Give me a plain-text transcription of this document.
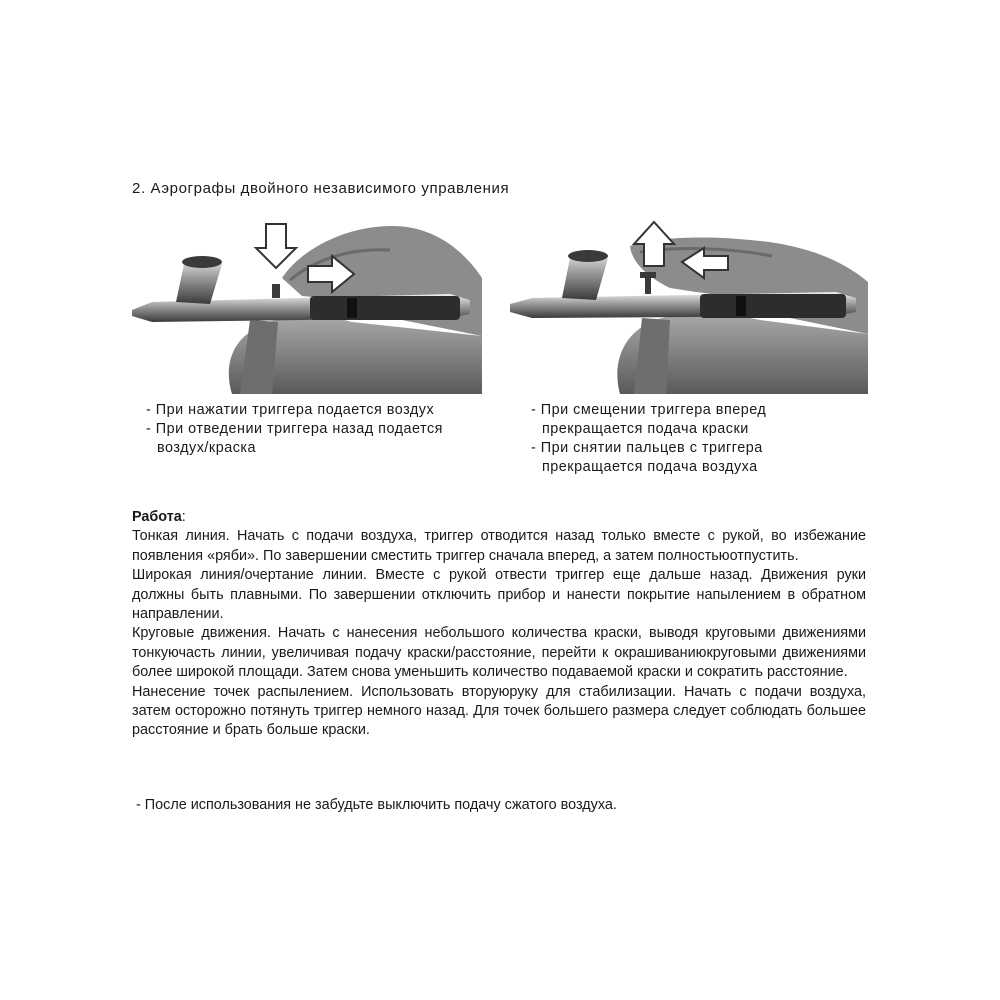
2. Аэрографы двойного независимого управления
- При нажатии триггера подается воздух
- При отведении триггера назад подается воздух/краска
- При смещении триггера вперед прекращается подача краски
- При снятии пальцев с триггера прекращается подача воздуха

Работа:

Тонкая линия. Начать с подачи воздуха, триггер отводится назад только вместе с рукой, во избежание появления «ряби». По завершении сместить триггер сначала вперед, а затем полностьюотпустить.

Широкая линия/очертание линии. Вместе с рукой отвести триггер еще дальше назад. Движения руки должны быть плавными. По завершении отключить прибор и нанести покрытие напылением в обратном направлении.

Круговые движения. Начать с нанесения небольшого количества краски, выводя круговыми движениями тонкуючасть линии, увеличивая подачу краски/расстояние, перейти к окрашиваниюкруговыми движениями более широкой площади. Затем снова уменьшить количество подаваемой краски и сократить расстояние.

Нанесение точек распылением. Использовать вторуюруку для стабилизации. Начать с подачи воздуха, затем осторожно потянуть триггер немного назад. Для точек большего размера следует соблюдать большее расстояние и брать больше краски.

- После использования не забудьте выключить подачу сжатого воздуха.
